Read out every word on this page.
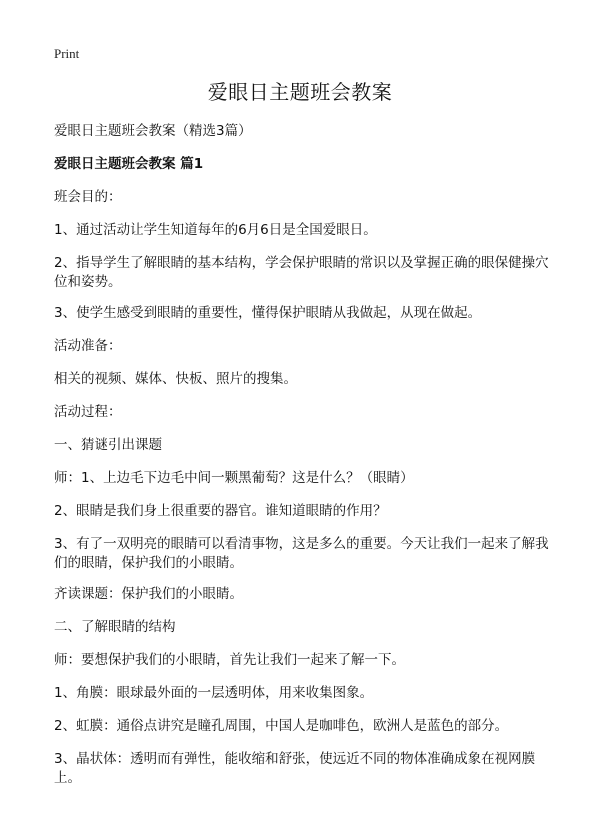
Print
爱眼日主题班会教案

爱眼日主题班会教案（精选3篇）

爱眼日主题班会教案 篇1

班会目的：

1、通过活动让学生知道每年的6月6日是全国爱眼日。

2、指导学生了解眼睛的基本结构，学会保护眼睛的常识以及掌握正确的眼保健操穴位和姿势。

3、使学生感受到眼睛的重要性，懂得保护眼睛从我做起，从现在做起。

活动准备：

相关的视频、媒体、快板、照片的搜集。

活动过程：

一、猜谜引出课题

师：1、上边毛下边毛中间一颗黑葡萄？这是什么？（眼睛）

2、眼睛是我们身上很重要的器官。谁知道眼睛的作用？

3、有了一双明亮的眼睛可以看清事物，这是多么的重要。今天让我们一起来了解我们的眼睛，保护我们的小眼睛。

齐读课题：保护我们的小眼睛。

二、了解眼睛的结构

师：要想保护我们的小眼睛，首先让我们一起来了解一下。

1、角膜：眼球最外面的一层透明体，用来收集图象。

2、虹膜：通俗点讲究是瞳孔周围，中国人是咖啡色，欧洲人是蓝色的部分。

3、晶状体：透明而有弹性，能收缩和舒张，使远近不同的物体准确成象在视网膜上。
